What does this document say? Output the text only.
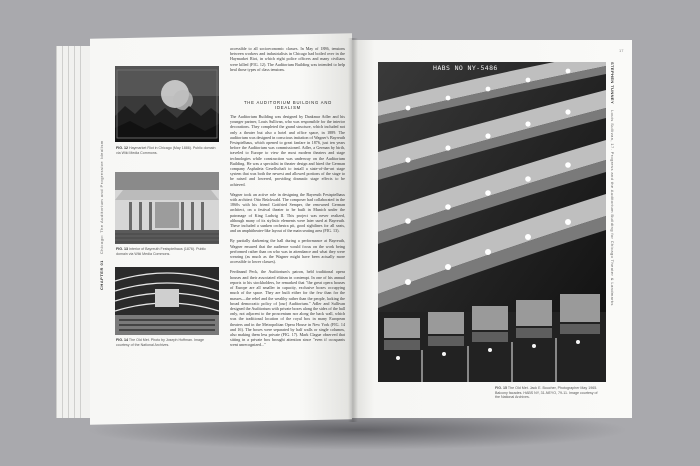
FIG. 12 Haymarket Riot in Chicago (May 1886). Public domain via Wiki Media Commons.
FIG. 13 Interior of Bayreuth Festspielhaus (1876). Public domain via Wiki Media Commons.
FIG. 14 The Old Met. Photo by Joseph Hoffman. Image courtesy of the National Archives.
CHAPTER 01Chicago: The Auditorium and Progressive Idealism

accessible to all socioeconomic classes. In May of 1886, tensions between workers and industrialists in Chicago had boiled over in the Haymarket Riot, in which eight police officers and many civilians were killed (FIG. 12). The Auditorium Building was intended to help heal those types of class tensions.

THE AUDITORIUM BUILDING AND IDEALISM

The Auditorium Building was designed by Dankmar Adler and his younger partner, Louis Sullivan, who was responsible for the interior decorations. They completed the grand structure, which included not only a theater but also a hotel and office space, in 1889. The auditorium was designed in conscious imitation of Wagner's Bayreuth Festspielhaus, which opened to great fanfare in 1876, just ten years before the Auditorium was commissioned. Adler, a German by birth, traveled to Europe to view the most modern theaters and stage technologies while construction was underway on the Auditorium Building. He was a specialist in theater design and hired the German company Asphaleia Gesellschaft to install a state-of-the-art stage system that was both the newest and allowed portions of the stage to be raised and lowered, providing dramatic stage effects to be achieved.

Wagner took an active role in designing the Bayreuth Festspielhaus with architect Otto Brückwald. The composer had collaborated in the 1860s with his friend Gottfried Semper, the renowned German architect, on a festival theater to be built in Munich under the patronage of King Ludwig II. This project was never realized, although many of its stylistic elements were later used at Bayreuth. These included a sunken orchestra pit, good sightlines for all seats, and an amphitheater-like layout of the main seating area (FIG. 13).

By partially darkening the hall during a performance at Bayreuth, Wagner ensured that the audience would focus on the work being performed rather than on who was in attendance and what they were wearing (as much as the Wagner might have been actually more accessible to lower classes).

Ferdinand Peck, the Auditorium's patron, held traditional opera houses and their associated elitism in contempt. In one of his annual reports to his stockholders, he remarked that "the great opera houses of Europe are all smaller in capacity, exclusive boxes occupying much of the space. They are built either for the few than for the masses—the rebel and the wealthy rather than the people, lacking the broad democratic policy of [our] Auditorium." Adler and Sullivan designed the Auditorium with private boxes along the sides of the hall only, not adjacent to the proscenium nor along the back wall, which was the traditional location of the royal box in many European theaters and in the Metropolitan Opera House in New York (FIG. 14 and 16). The boxes were separated by half walls or single columns, also making them less private (FIG. 17). Mark Clague observed that sitting in a private box brought attention since "even if occupants went unrecognized..."

17
STEPHEN TUNNEYLouis Sullivan, 17. Progress and the Auditorium Building for Chicago Theater & Landmarks
HABS NO NY-5486
FIG. 15 The Old Met. Jack E. Boucher, Photographer May 1965. Balcony facades. HABS NY, 31-NEYO, 79-11. Image courtesy of the National Archives.
